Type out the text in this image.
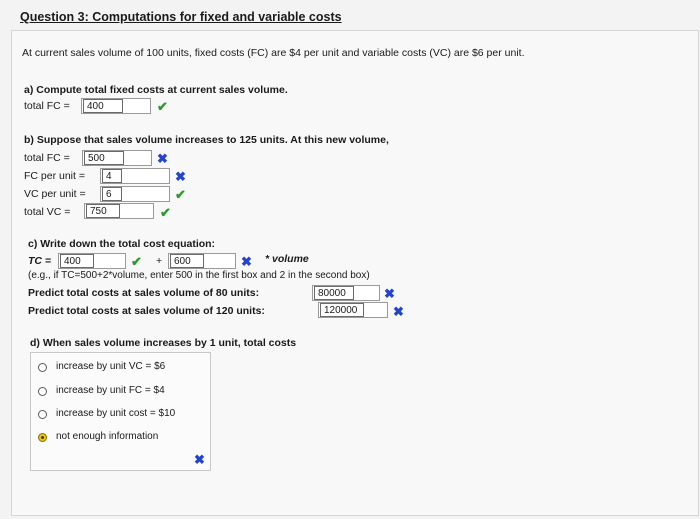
Question 3: Computations for fixed and variable costs
At current sales volume of 100 units, fixed costs (FC) are $4 per unit and variable costs (VC) are $6 per unit.
a) Compute total fixed costs at current sales volume.
total FC =	400	✔
b) Suppose that sales volume increases to 125 units. At this new volume,
total FC =	500	✖
FC per unit =	4	✖
VC per unit =	6	✔
total VC =	750	✔
c) Write down the total cost equation:
TC =	400	✔ +	600	✖ * volume
(e.g., if TC=500+2*volume, enter 500 in the first box and 2 in the second box)
Predict total costs at sales volume of 80 units:	80000	✖
Predict total costs at sales volume of 120 units:	120000	✖
d) When sales volume increases by 1 unit, total costs
increase by unit VC = $6
increase by unit FC = $4
increase by unit cost = $10
not enough information
✖
